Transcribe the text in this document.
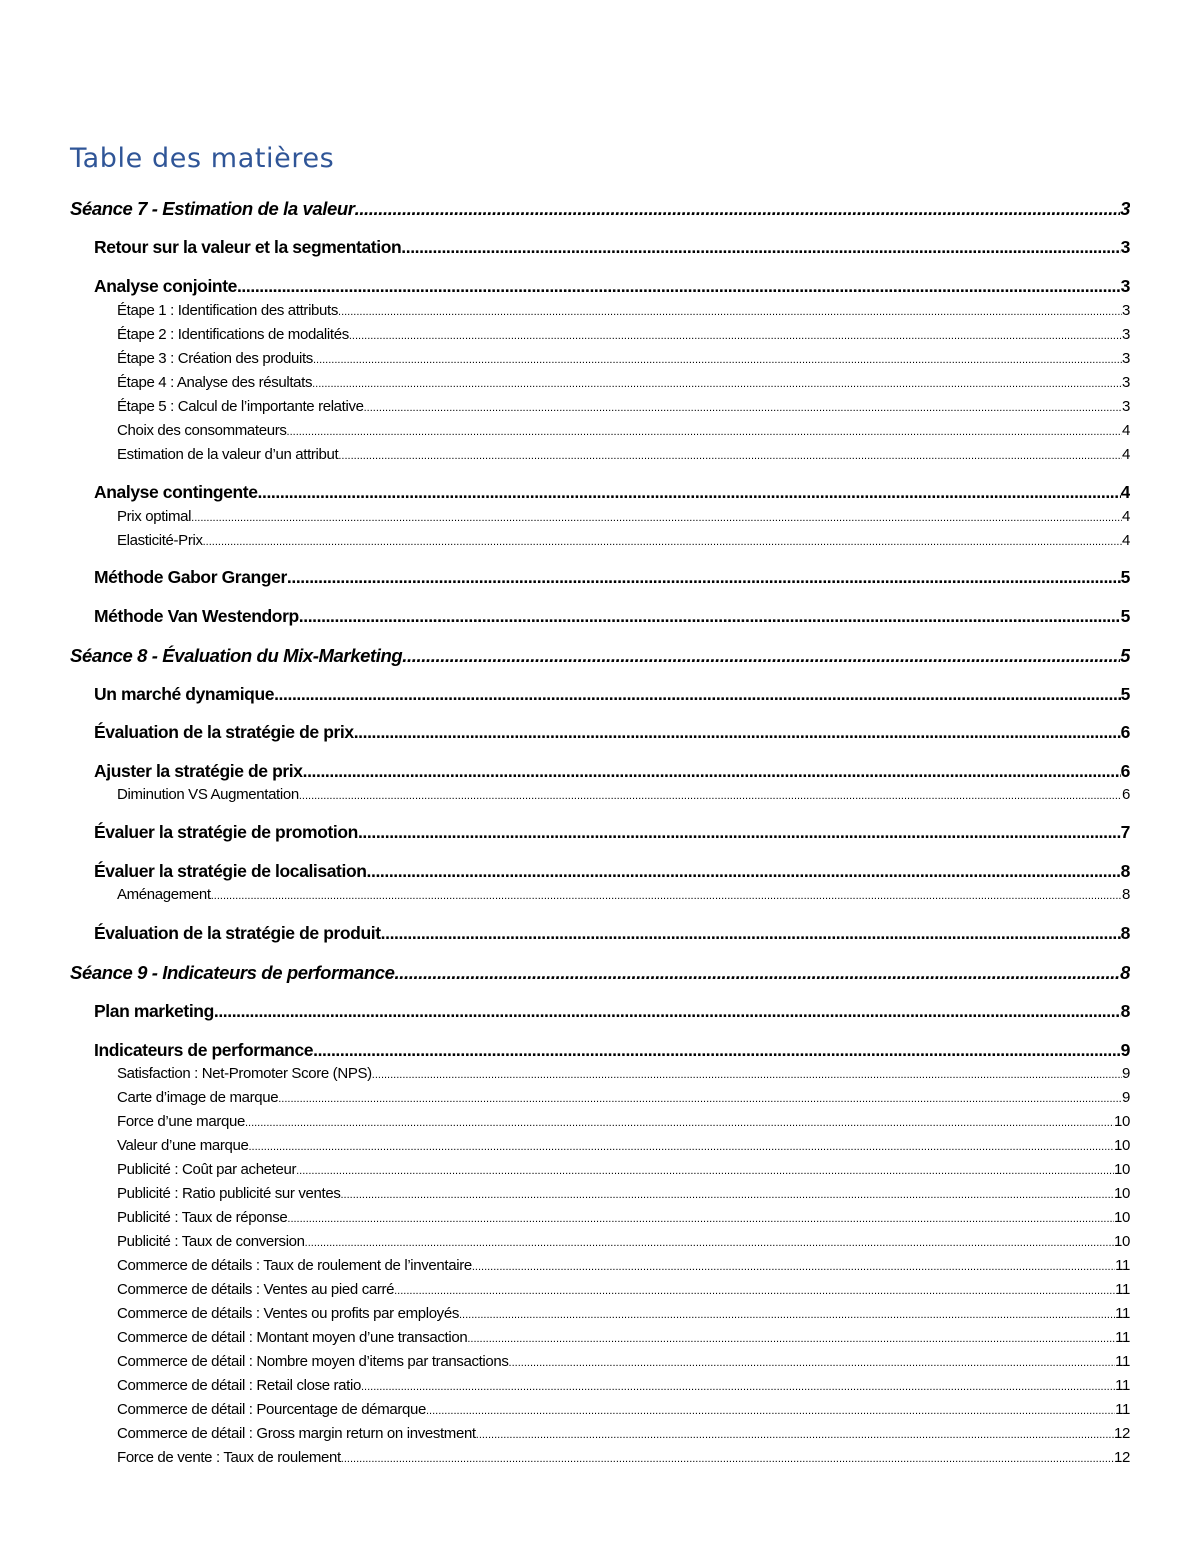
Table des matières
Séance 7 - Estimation de la valeur .....	3
Retour sur la valeur et la segmentation .....	3
Analyse conjointe .....	3
Étape 1 : Identification des attributs .....	3
Étape 2 : Identifications de modalités .....	3
Étape 3 : Création des produits .....	3
Étape 4 : Analyse des résultats .....	3
Étape 5 : Calcul de l’importante relative .....	3
Choix des consommateurs .....	4
Estimation de la valeur d’un attribut .....	4
Analyse contingente .....	4
Prix optimal .....	4
Elasticité-Prix .....	4
Méthode Gabor Granger .....	5
Méthode Van Westendorp .....	5
Séance 8 - Évaluation du Mix-Marketing .....	5
Un marché dynamique .....	5
Évaluation de la stratégie de prix .....	6
Ajuster la stratégie de prix .....	6
Diminution VS Augmentation .....	6
Évaluer la stratégie de promotion .....	7
Évaluer la stratégie de localisation .....	8
Aménagement .....	8
Évaluation de la stratégie de produit .....	8
Séance 9 - Indicateurs de performance .....	8
Plan marketing .....	8
Indicateurs de performance .....	9
Satisfaction : Net-Promoter Score (NPS) .....	9
Carte d’image de marque .....	9
Force d’une marque .....	10
Valeur d’une marque .....	10
Publicité : Coût par acheteur .....	10
Publicité : Ratio publicité sur ventes .....	10
Publicité : Taux de réponse .....	10
Publicité : Taux de conversion .....	10
Commerce de détails : Taux de roulement de l’inventaire .....	11
Commerce de détails : Ventes au pied carré .....	11
Commerce de détails : Ventes ou profits par employés .....	11
Commerce de détail : Montant moyen d’une transaction .....	11
Commerce de détail : Nombre moyen d’items par transactions .....	11
Commerce de détail : Retail close ratio .....	11
Commerce de détail : Pourcentage de démarque .....	11
Commerce de détail : Gross margin return on investment .....	12
Force de vente : Taux de roulement .....	12
